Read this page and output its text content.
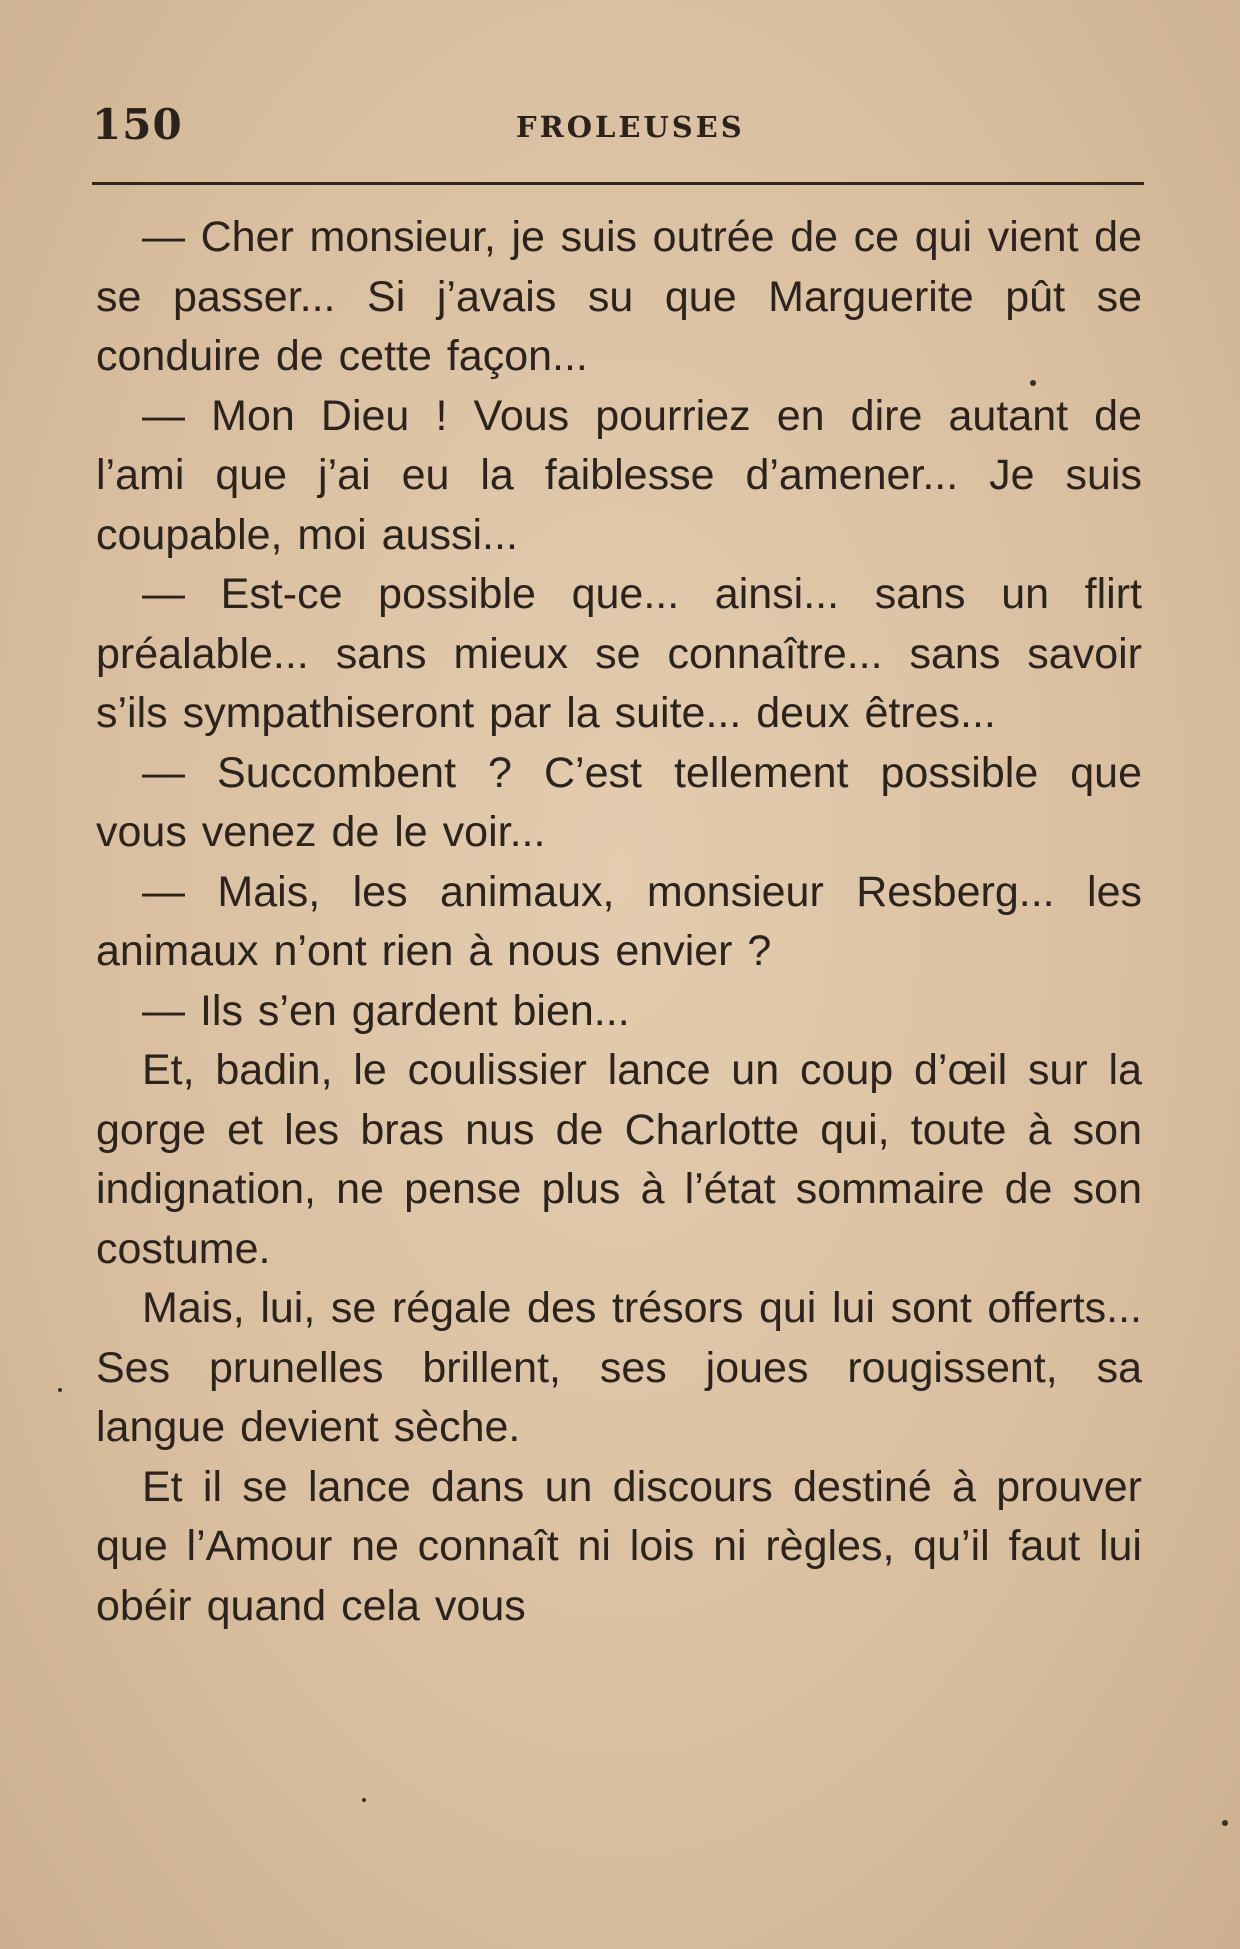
150	FROLEUSES

— Cher monsieur, je suis outrée de ce qui vient de se passer... Si j’avais su que Marguerite pût se conduire de cette façon...

— Mon Dieu ! Vous pourriez en dire autant de l’ami que j’ai eu la faiblesse d’amener... Je suis coupable, moi aussi...

— Est-ce possible que... ainsi... sans un flirt préalable... sans mieux se connaître... sans savoir s’ils sympathiseront par la suite... deux êtres...

— Succombent ? C’est tellement possible que vous venez de le voir...

— Mais, les animaux, monsieur Resberg... les animaux n’ont rien à nous envier ?

— Ils s’en gardent bien...

Et, badin, le coulissier lance un coup d’œil sur la gorge et les bras nus de Charlotte qui, toute à son indignation, ne pense plus à l’état sommaire de son costume.

Mais, lui, se régale des trésors qui lui sont offerts... Ses prunelles brillent, ses joues rougissent, sa langue devient sèche.

Et il se lance dans un discours destiné à prouver que l’Amour ne connaît ni lois ni règles, qu’il faut lui obéir quand cela vous
